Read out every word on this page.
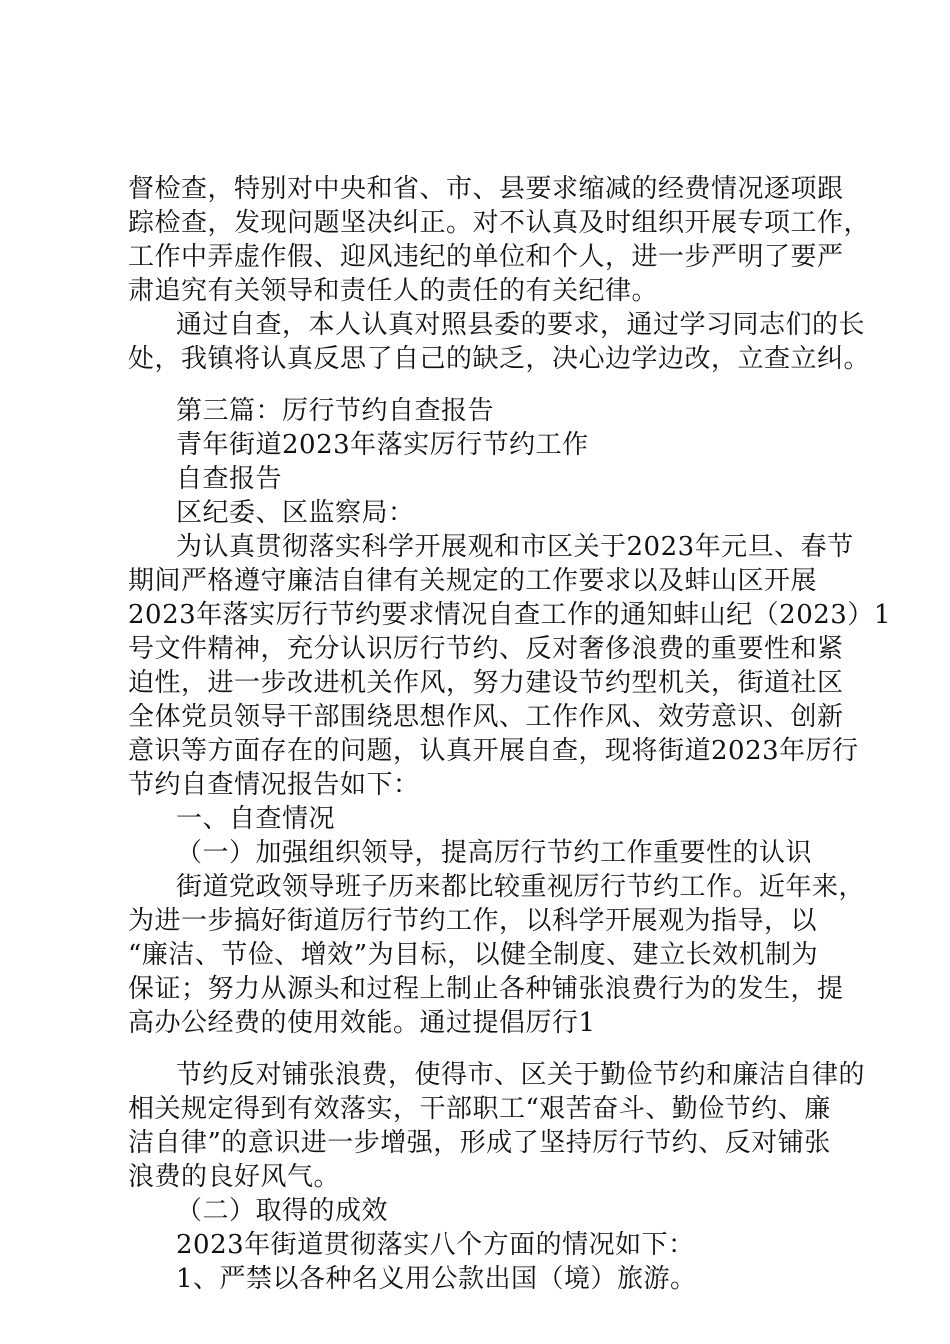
督检查，特别对中央和省、市、县要求缩减的经费情况逐项跟
踪检查，发现问题坚决纠正。对不认真及时组织开展专项工作，
工作中弄虚作假、迎风违纪的单位和个人，进一步严明了要严
肃追究有关领导和责任人的责任的有关纪律。
通过自查，本人认真对照县委的要求，通过学习同志们的长
处，我镇将认真反思了自己的缺乏，决心边学边改，立查立纠。
第三篇：厉行节约自查报告
青年街道2023年落实厉行节约工作
自查报告
区纪委、区监察局：
为认真贯彻落实科学开展观和市区关于2023年元旦、春节
期间严格遵守廉洁自律有关规定的工作要求以及蚌山区开展
2023年落实厉行节约要求情况自查工作的通知蚌山纪（2023）1
号文件精神，充分认识厉行节约、反对奢侈浪费的重要性和紧
迫性，进一步改进机关作风，努力建设节约型机关，街道社区
全体党员领导干部围绕思想作风、工作作风、效劳意识、创新
意识等方面存在的问题，认真开展自查，现将街道2023年厉行
节约自查情况报告如下：
一、自查情况
（一）加强组织领导，提高厉行节约工作重要性的认识
街道党政领导班子历来都比较重视厉行节约工作。近年来，
为进一步搞好街道厉行节约工作，以科学开展观为指导，以
“廉洁、节俭、增效”为目标，以健全制度、建立长效机制为
保证；努力从源头和过程上制止各种铺张浪费行为的发生，提
高办公经费的使用效能。通过提倡厉行1
节约反对铺张浪费，使得市、区关于勤俭节约和廉洁自律的
相关规定得到有效落实，干部职工“艰苦奋斗、勤俭节约、廉
洁自律”的意识进一步增强，形成了坚持厉行节约、反对铺张
浪费的良好风气。
（二）取得的成效
2023年街道贯彻落实八个方面的情况如下：
1、严禁以各种名义用公款出国（境）旅游。
